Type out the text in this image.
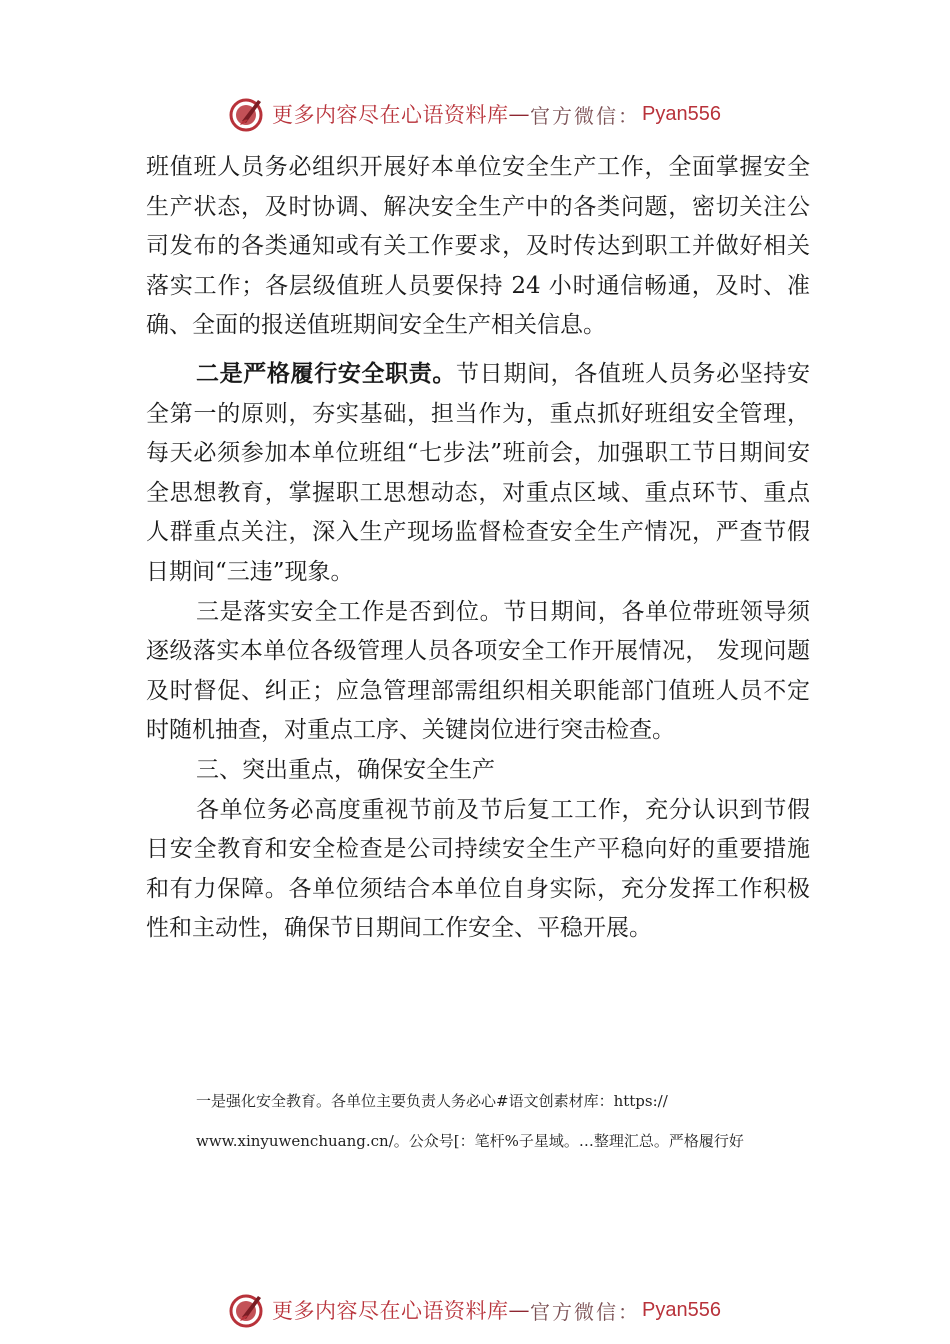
更多内容尽在心语资料库 — 官方微信： Pyan556

班值班人员务必组织开展好本单位安全生产工作，全面掌握安全生产状态，及时协调、解决安全生产中的各类问题，密切关注公司发布的各类通知或有关工作要求，及时传达到职工并做好相关落实工作；各层级值班人员要保持 24 小时通信畅通，及时、准确、全面的报送值班期间安全生产相关信息。

二是严格履行安全职责。节日期间，各值班人员务必坚持安全第一的原则，夯实基础，担当作为，重点抓好班组安全管理，每天必须参加本单位班组“七步法”班前会，加强职工节日期间安全思想教育，掌握职工思想动态，对重点区域、重点环节、重点人群重点关注，深入生产现场监督检查安全生产情况，严查节假日期间“三违”现象。

三是落实安全工作是否到位。节日期间，各单位带班领导须逐级落实本单位各级管理人员各项安全工作开展情况， 发现问题及时督促、纠正；应急管理部需组织相关职能部门值班人员不定时随机抽查，对重点工序、关键岗位进行突击检查。

三、突出重点，确保安全生产

各单位务必高度重视节前及节后复工工作，充分认识到节假日安全教育和安全检查是公司持续安全生产平稳向好的重要措施和有力保障。各单位须结合本单位自身实际，充分发挥工作积极性和主动性，确保节日期间工作安全、平稳开展。

一是强化安全教育。各单位主要负责人务必心#语文创素材库：https://
www.xinyuwenchuang.cn/。公众号[：笔杆%子星域。…整理汇总。严格履行好
更多内容尽在心语资料库 — 官方微信： Pyan556
